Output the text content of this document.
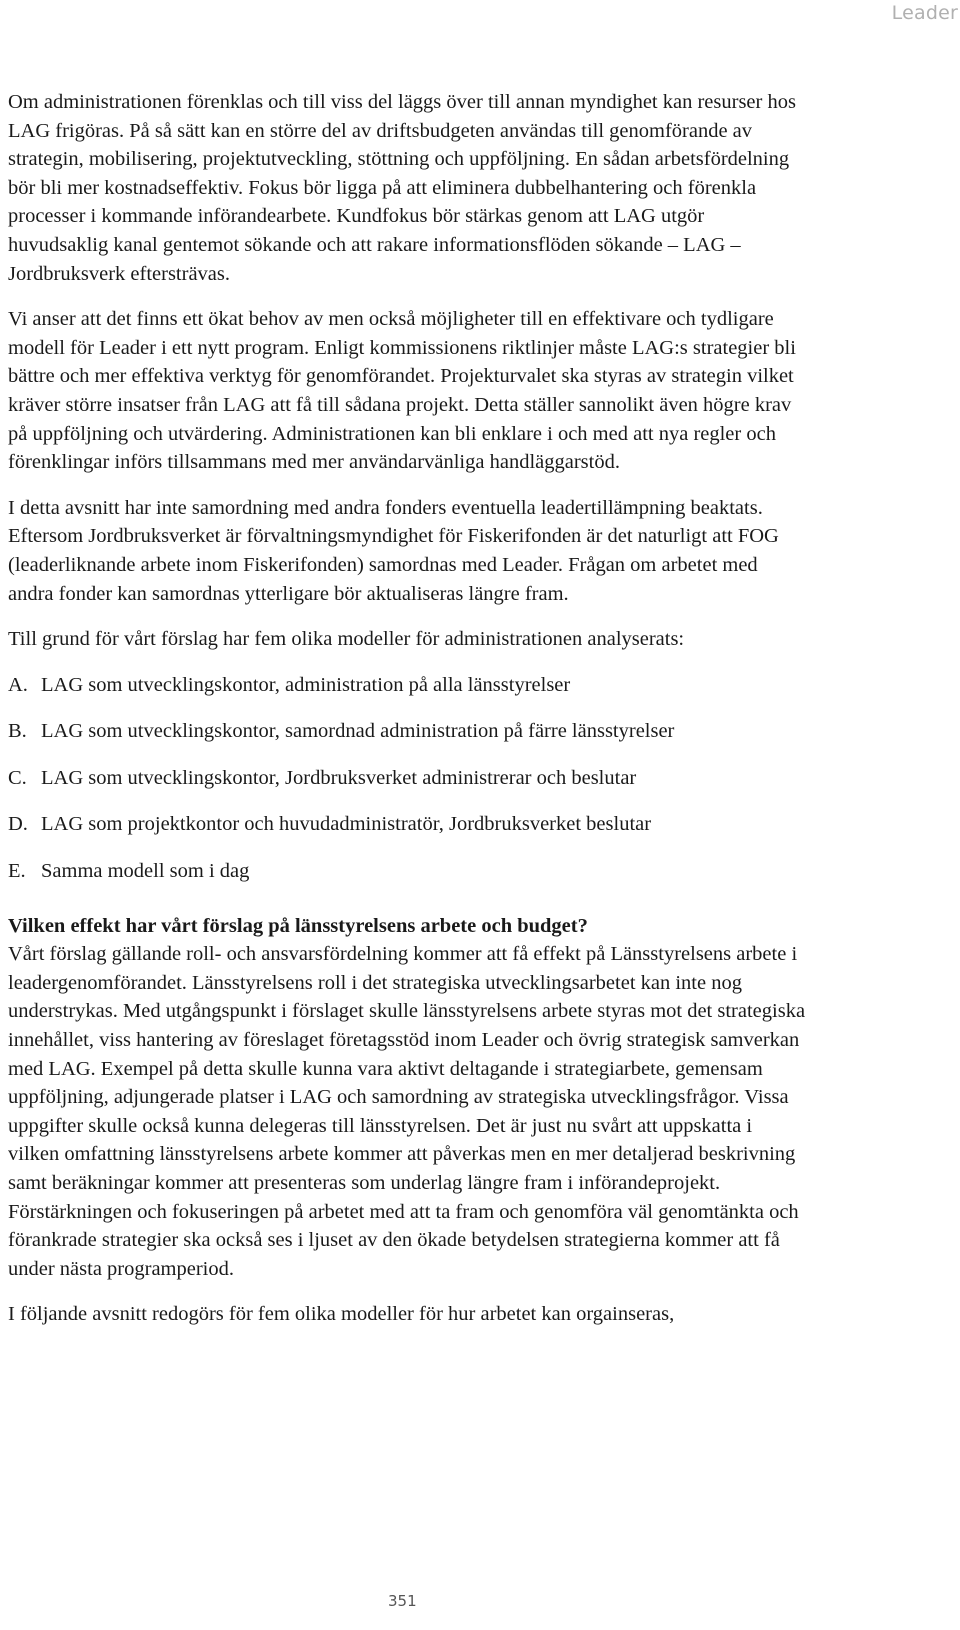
Leader

Om administrationen förenklas och till viss del läggs över till annan myndighet kan resurser hos LAG frigöras. På så sätt kan en större del av driftsbudgeten användas till genomförande av strategin, mobilisering, projektutveckling, stöttning och uppföljning. En sådan arbetsfördelning bör bli mer kostnadseffektiv. Fokus bör ligga på att eliminera dubbelhantering och förenkla processer i kommande införandearbete. Kundfokus bör stärkas genom att LAG utgör huvudsaklig kanal gentemot sökande och att rakare informationsflöden sökande – LAG – Jordbruksverk eftersträvas.

Vi anser att det finns ett ökat behov av men också möjligheter till en effektivare och tydligare modell för Leader i ett nytt program. Enligt kommissionens riktlinjer måste LAG:s strategier bli bättre och mer effektiva verktyg för genomförandet. Projekturvalet ska styras av strategin vilket kräver större insatser från LAG att få till sådana projekt. Detta ställer sannolikt även högre krav på uppföljning och utvärdering. Administrationen kan bli enklare i och med att nya regler och förenklingar införs tillsammans med mer användarvänliga handläggarstöd.

I detta avsnitt har inte samordning med andra fonders eventuella leadertillämpning beaktats. Eftersom Jordbruksverket är förvaltningsmyndighet för Fiskerifonden är det naturligt att FOG (leaderliknande arbete inom Fiskerifonden) samordnas med Leader. Frågan om arbetet med andra fonder kan samordnas ytterligare bör aktualiseras längre fram.

Till grund för vårt förslag har fem olika modeller för administrationen analyserats:

A. LAG som utvecklingskontor, administration på alla länsstyrelser
B. LAG som utvecklingskontor, samordnad administration på färre länsstyrelser
C. LAG som utvecklingskontor, Jordbruksverket administrerar och beslutar
D. LAG som projektkontor och huvudadministratör, Jordbruksverket beslutar
E. Samma modell som i dag
Vilken effekt har vårt förslag på länsstyrelsens arbete och budget?

Vårt förslag gällande roll- och ansvarsfördelning kommer att få effekt på Länsstyrelsens arbete i leadergenomförandet. Länsstyrelsens roll i det strategiska utvecklingsarbetet kan inte nog understrykas. Med utgångspunkt i förslaget skulle länsstyrelsens arbete styras mot det strategiska innehållet, viss hantering av föreslaget företagsstöd inom Leader och övrig strategisk samverkan med LAG. Exempel på detta skulle kunna vara aktivt deltagande i strategiarbete, gemensam uppföljning, adjungerade platser i LAG och samordning av strategiska utvecklingsfrågor. Vissa uppgifter skulle också kunna delegeras till länsstyrelsen. Det är just nu svårt att uppskatta i vilken omfattning länsstyrelsens arbete kommer att påverkas men en mer detaljerad beskrivning samt beräkningar kommer att presenteras som underlag längre fram i införandeprojekt. Förstärkningen och fokuseringen på arbetet med att ta fram och genomföra väl genomtänkta och förankrade strategier ska också ses i ljuset av den ökade betydelsen strategierna kommer att få under nästa programperiod.

I följande avsnitt redogörs för fem olika modeller för hur arbetet kan orgainseras,

351
